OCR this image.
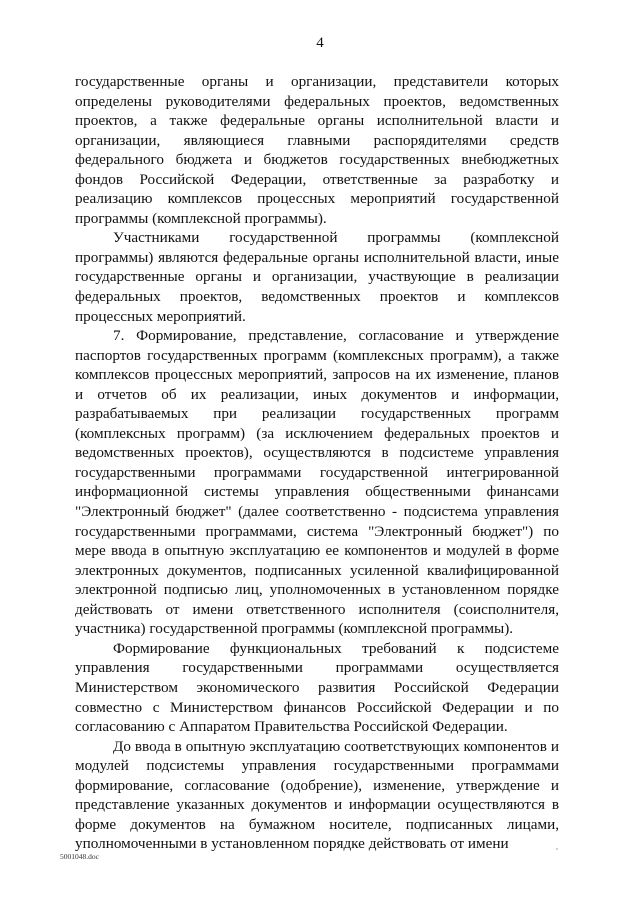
4

государственные органы и организации, представители которых определены руководителями федеральных проектов, ведомственных проектов, а также федеральные органы исполнительной власти и организации, являющиеся главными распорядителями средств федерального бюджета и бюджетов государственных внебюджетных фондов Российской Федерации, ответственные за разработку и реализацию комплексов процессных мероприятий государственной программы (комплексной программы).

Участниками государственной программы (комплексной программы) являются федеральные органы исполнительной власти, иные государственные органы и организации, участвующие в реализации федеральных проектов, ведомственных проектов и комплексов процессных мероприятий.

7. Формирование, представление, согласование и утверждение паспортов государственных программ (комплексных программ), а также комплексов процессных мероприятий, запросов на их изменение, планов и отчетов об их реализации, иных документов и информации, разрабатываемых при реализации государственных программ (комплексных программ) (за исключением федеральных проектов и ведомственных проектов), осуществляются в подсистеме управления государственными программами государственной интегрированной информационной системы управления общественными финансами "Электронный бюджет" (далее соответственно - подсистема управления государственными программами, система "Электронный бюджет") по мере ввода в опытную эксплуатацию ее компонентов и модулей в форме электронных документов, подписанных усиленной квалифицированной электронной подписью лиц, уполномоченных в установленном порядке действовать от имени ответственного исполнителя (соисполнителя, участника) государственной программы (комплексной программы).

Формирование функциональных требований к подсистеме управления государственными программами осуществляется Министерством экономического развития Российской Федерации совместно с Министерством финансов Российской Федерации и по согласованию с Аппаратом Правительства Российской Федерации.

До ввода в опытную эксплуатацию соответствующих компонентов и модулей подсистемы управления государственными программами формирование, согласование (одобрение), изменение, утверждение и представление указанных документов и информации осуществляются в форме документов на бумажном носителе, подписанных лицами, уполномоченными в установленном порядке действовать от имени

5001048.doc
